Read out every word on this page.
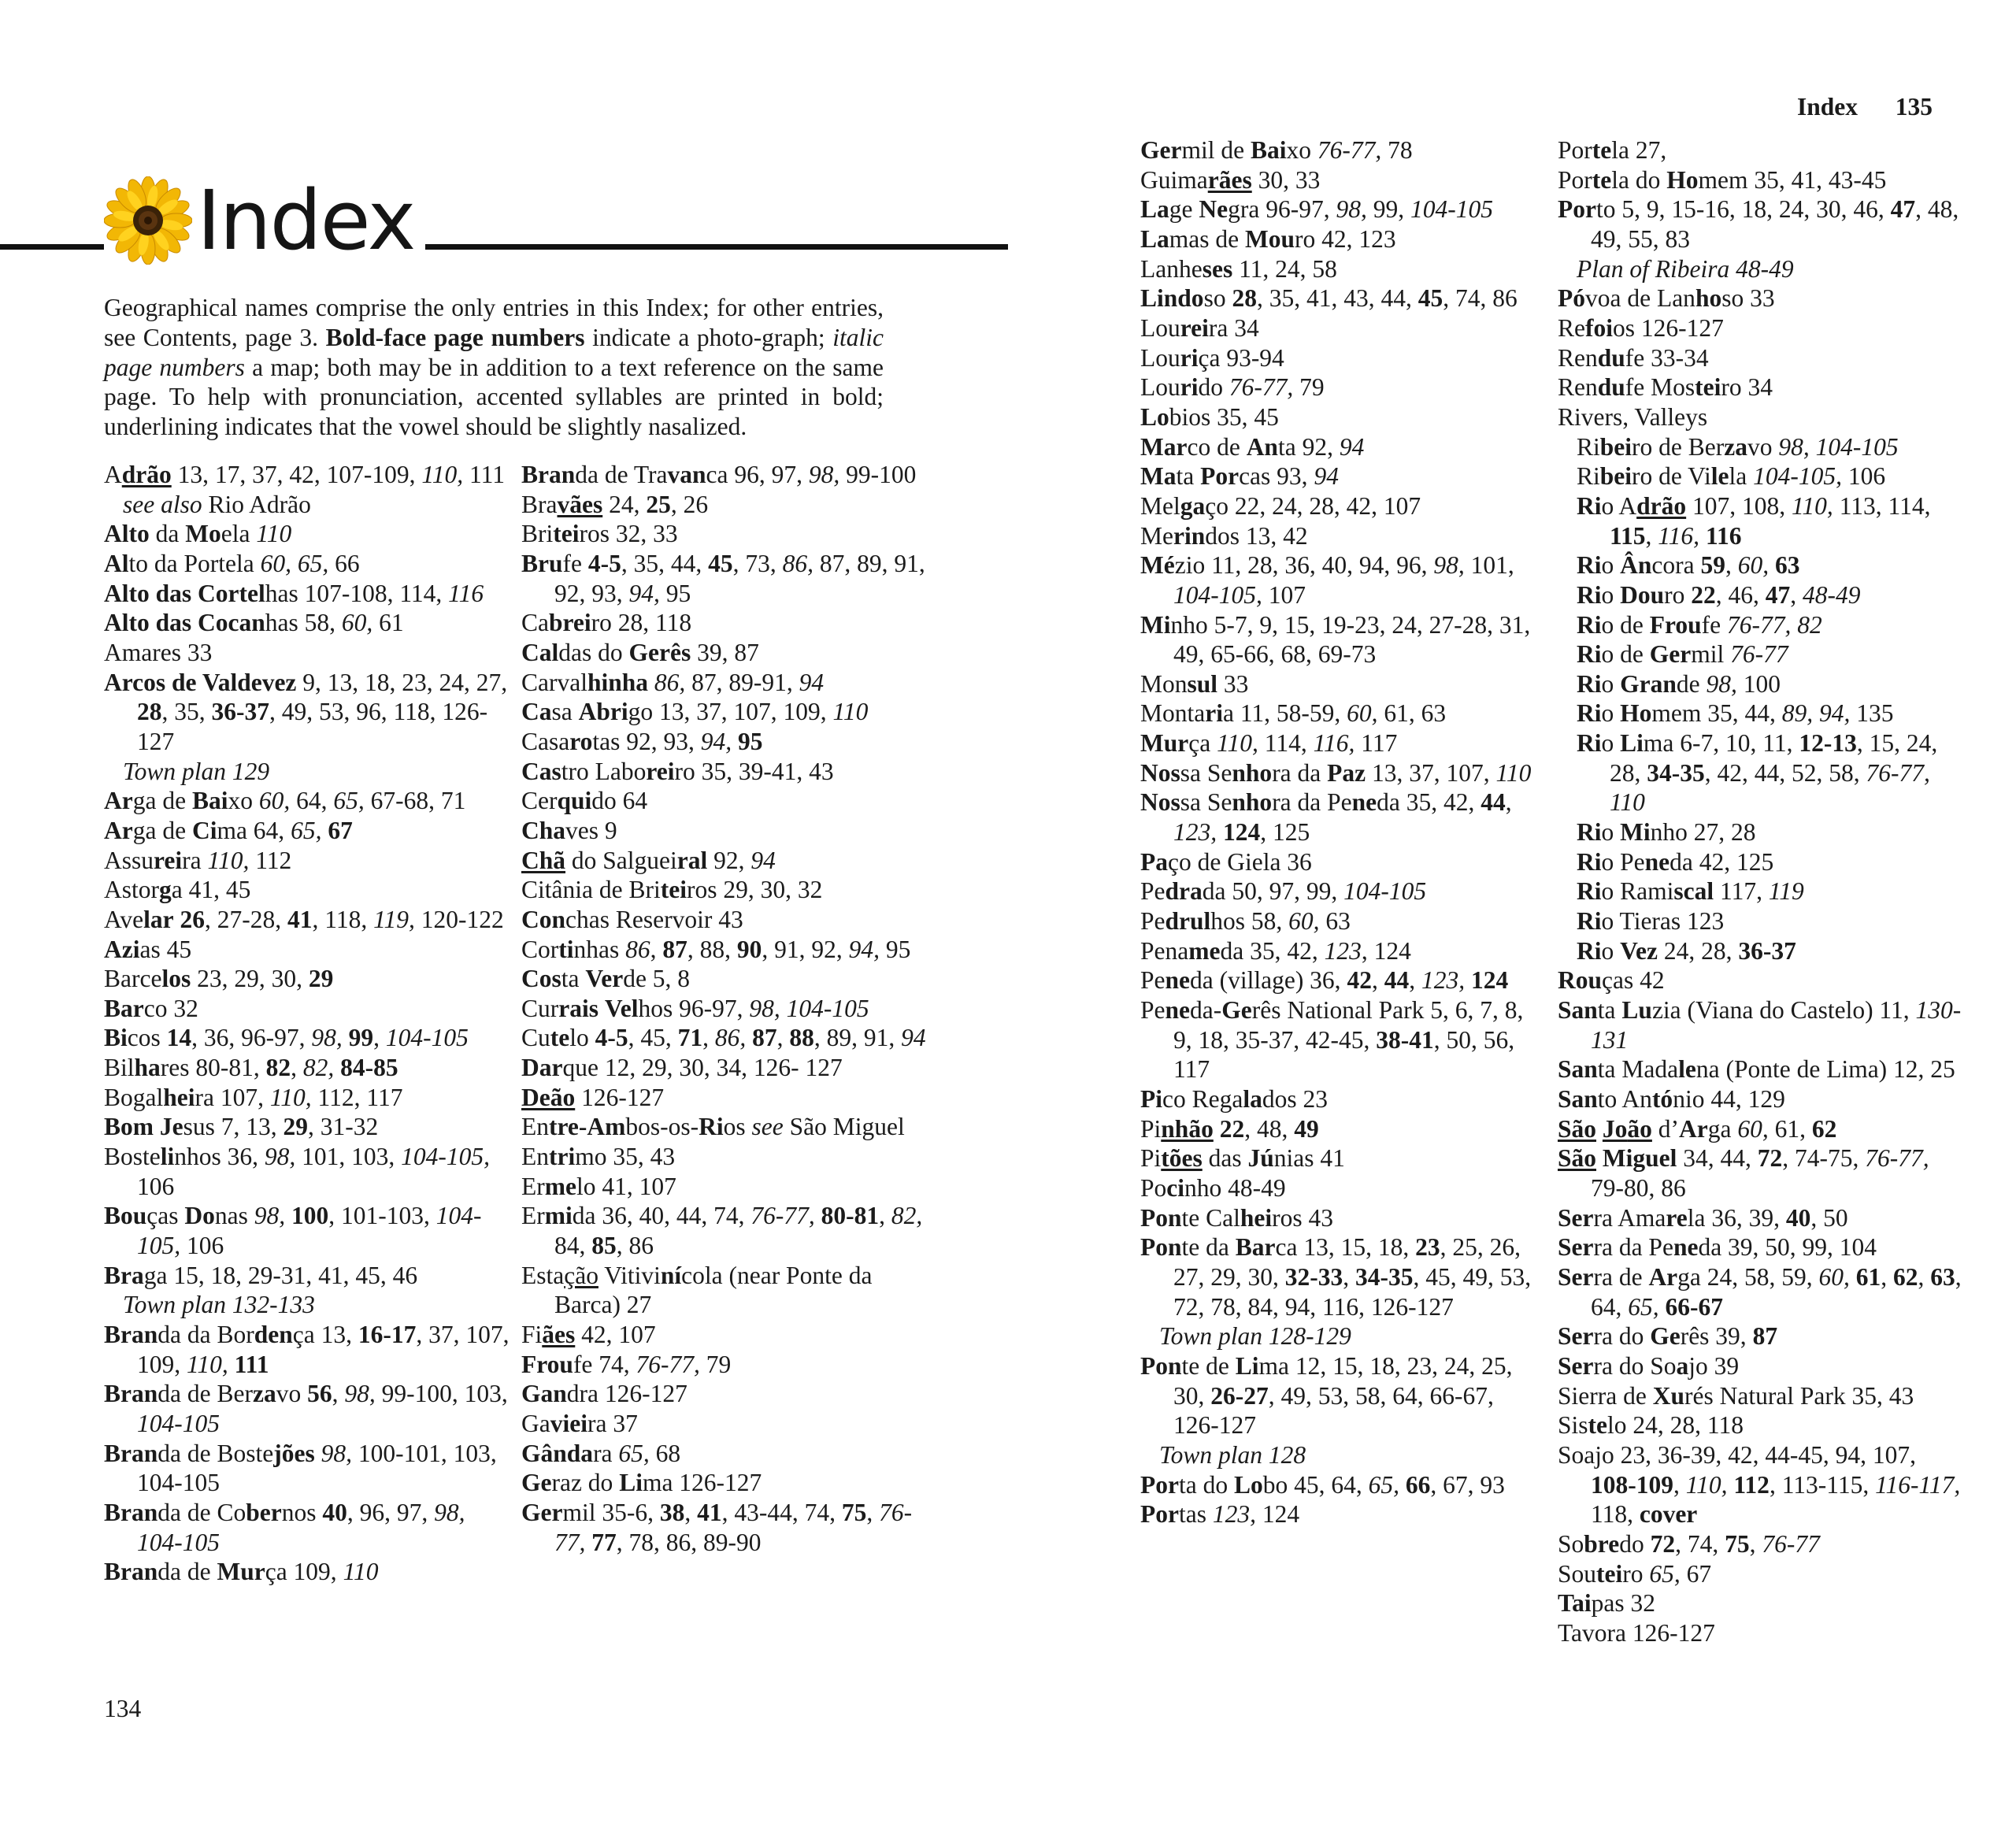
Index 135
Index
Geographical names comprise the only entries in this Index; for other entries, see Contents, page 3. Bold-face page numbers indicate a photo-graph; italic page numbers a map; both may be in addition to a text reference on the same page. To help with pronunciation, accented syllables are printed in bold; underlining indicates that the vowel should be slightly nasalized.
Adrão 13, 17, 37, 42, 107-109, 110, 111
see also Rio Adrão
Alto da Moela 110
Alto da Portela 60, 65, 66
Alto das Cortelhas 107-108, 114, 116
Alto das Cocanhas 58, 60, 61
Amares 33
Arcos de Valdevez 9, 13, 18, 23, 24, 27, 28, 35, 36-37, 49, 53, 96, 118, 126-127
Town plan 129
Arga de Baixo 60, 64, 65, 67-68, 71
Arga de Cima 64, 65, 67
Assureira 110, 112
Astorga 41, 45
Avelar 26, 27-28, 41, 118, 119, 120-122
Azias 45
Barcelos 23, 29, 30, 29
Barco 32
Bicos 14, 36, 96-97, 98, 99, 104-105
Bilhares 80-81, 82, 82, 84-85
Bogalheira 107, 110, 112, 117
Bom Jesus 7, 13, 29, 31-32
Bostelinhos 36, 98, 101, 103, 104-105, 106
Bouças Donas 98, 100, 101-103, 104-105, 106
Braga 15, 18, 29-31, 41, 45, 46
Town plan 132-133
Branda da Bordença 13, 16-17, 37, 107, 109, 110, 111
Branda de Berzavo 56, 98, 99-100, 103, 104-105
Branda de Bostejões 98, 100-101, 103, 104-105
Branda de Cobernos 40, 96, 97, 98, 104-105
Branda de Murça 109, 110
Branda de Travanca 96, 97, 98, 99-100
Bravães 24, 25, 26
Briteiros 32, 33
Brufe 4-5, 35, 44, 45, 73, 86, 87, 89, 91, 92, 93, 94, 95
Cabreiro 28, 118
Caldas do Gerês 39, 87
Carvalhinha 86, 87, 89-91, 94
Casa Abrigo 13, 37, 107, 109, 110
Casarotas 92, 93, 94, 95
Castro Laboreiro 35, 39-41, 43
Cerquido 64
Chaves 9
Chã do Salgueiral 92, 94
Citânia de Briteiros 29, 30, 32
Conchas Reservoir 43
Cortinhas 86, 87, 88, 90, 91, 92, 94, 95
Costa Verde 5, 8
Currais Velhos 96-97, 98, 104-105
Cutelo 4-5, 45, 71, 86, 87, 88, 89, 91, 94
Darque 12, 29, 30, 34, 126- 127
Deão 126-127
Entre-Ambos-os-Rios see São Miguel
Entrimo 35, 43
Ermelo 41, 107
Ermida 36, 40, 44, 74, 76-77, 80-81, 82, 84, 85, 86
Estação Vitivinícola (near Ponte da Barca) 27
Fiães 42, 107
Froufe 74, 76-77, 79
Gandra 126-127
Gavieira 37
Gândara 65, 68
Geraz do Lima 126-127
Germil 35-6, 38, 41, 43-44, 74, 75, 76-77, 77, 78, 86, 89-90
Germil de Baixo 76-77, 78
Guimarães 30, 33
Lage Negra 96-97, 98, 99, 104-105
Lamas de Mouro 42, 123
Lanheses 11, 24, 58
Lindoso 28, 35, 41, 43, 44, 45, 74, 86
Loureira 34
Louriça 93-94
Lourido 76-77, 79
Lobios 35, 45
Marco de Anta 92, 94
Mata Porcas 93, 94
Melgaço 22, 24, 28, 42, 107
Merindos 13, 42
Mézio 11, 28, 36, 40, 94, 96, 98, 101, 104-105, 107
Minho 5-7, 9, 15, 19-23, 24, 27-28, 31, 49, 65-66, 68, 69-73
Monsul 33
Montaria 11, 58-59, 60, 61, 63
Murça 110, 114, 116, 117
Nossa Senhora da Paz 13, 37, 107, 110
Nossa Senhora da Peneda 35, 42, 44, 123, 124, 125
Paço de Giela 36
Pedrada 50, 97, 99, 104-105
Pedrulhos 58, 60, 63
Penameda 35, 42, 123, 124
Peneda (village) 36, 42, 44, 123, 124
Peneda-Gerês National Park 5, 6, 7, 8, 9, 18, 35-37, 42-45, 38-41, 50, 56, 117
Pico Regalados 23
Pinhão 22, 48, 49
Pitões das Júnias 41
Pocinho 48-49
Ponte Calheiros 43
Ponte da Barca 13, 15, 18, 23, 25, 26, 27, 29, 30, 32-33, 34-35, 45, 49, 53, 72, 78, 84, 94, 116, 126-127
Town plan 128-129
Ponte de Lima 12, 15, 18, 23, 24, 25, 30, 26-27, 49, 53, 58, 64, 66-67, 126-127
Town plan 128
Porta do Lobo 45, 64, 65, 66, 67, 93
Portas 123, 124
Portela 27,
Portela do Homem 35, 41, 43-45
Porto 5, 9, 15-16, 18, 24, 30, 46, 47, 48, 49, 55, 83
Plan of Ribeira 48-49
Póvoa de Lanhoso 33
Refoios 126-127
Rendufe 33-34
Rendufe Mosteiro 34
Rivers, Valleys
Ribeiro de Berzavo 98, 104-105
Ribeiro de Vilela 104-105, 106
Rio Adrão 107, 108, 110, 113, 114, 115, 116, 116
Rio Âncora 59, 60, 63
Rio Douro 22, 46, 47, 48-49
Rio de Froufe 76-77, 82
Rio de Germil 76-77
Rio Grande 98, 100
Rio Homem 35, 44, 89, 94, 135
Rio Lima 6-7, 10, 11, 12-13, 15, 24, 28, 34-35, 42, 44, 52, 58, 76-77, 110
Rio Minho 27, 28
Rio Peneda 42, 125
Rio Ramiscal 117, 119
Rio Tieras 123
Rio Vez 24, 28, 36-37
Rouças 42
Santa Luzia (Viana do Castelo) 11, 130-131
Santa Madalena (Ponte de Lima) 12, 25
Santo António 44, 129
São João d’Arga 60, 61, 62
São Miguel 34, 44, 72, 74-75, 76-77, 79-80, 86
Serra Amarela 36, 39, 40, 50
Serra da Peneda 39, 50, 99, 104
Serra de Arga 24, 58, 59, 60, 61, 62, 63, 64, 65, 66-67
Serra do Gerês 39, 87
Serra do Soajo 39
Sierra de Xurés Natural Park 35, 43
Sistelo 24, 28, 118
Soajo 23, 36-39, 42, 44-45, 94, 107, 108-109, 110, 112, 113-115, 116-117, 118, cover
Sobredo 72, 74, 75, 76-77
Souteiro 65, 67
Taipas 32
Tavora 126-127
134
